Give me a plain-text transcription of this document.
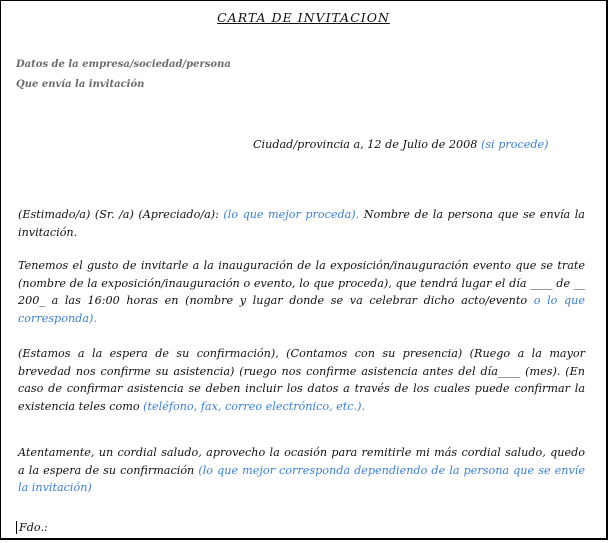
CARTA DE INVITACION
Datos de la empresa/sociedad/persona
Que envía la invitación
Ciudad/provincia a, 12 de Julio de 2008 (si procede)
(Estimado/a) (Sr. /a) (Apreciado/a): (lo que mejor proceda). Nombre de la persona que se envía la invitación.
Tenemos el gusto de invitarle a la inauguración de la exposición/inauguración evento que se trate (nombre de la exposición/inauguración o evento, lo que proceda), que tendrá lugar el día ____ de __ 200_ a las 16:00 horas en (nombre y lugar donde se va celebrar dicho acto/evento o lo que corresponda).
(Estamos a la espera de su confirmación), (Contamos con su presencia) (Ruego a la mayor brevedad nos confirme su asistencia) (ruego nos confirme asistencia antes del día____ (mes). (En caso de confirmar asistencia se deben incluir los datos a través de los cuales puede confirmar la existencia teles como (teléfono, fax, correo electrónico, etc.).
Atentamente, un cordial saludo, aprovecho la ocasión para remitirle mi más cordial saludo, quedo a la espera de su confirmación (lo que mejor corresponda dependiendo de la persona que se envíe la invitación)
Fdo.:
